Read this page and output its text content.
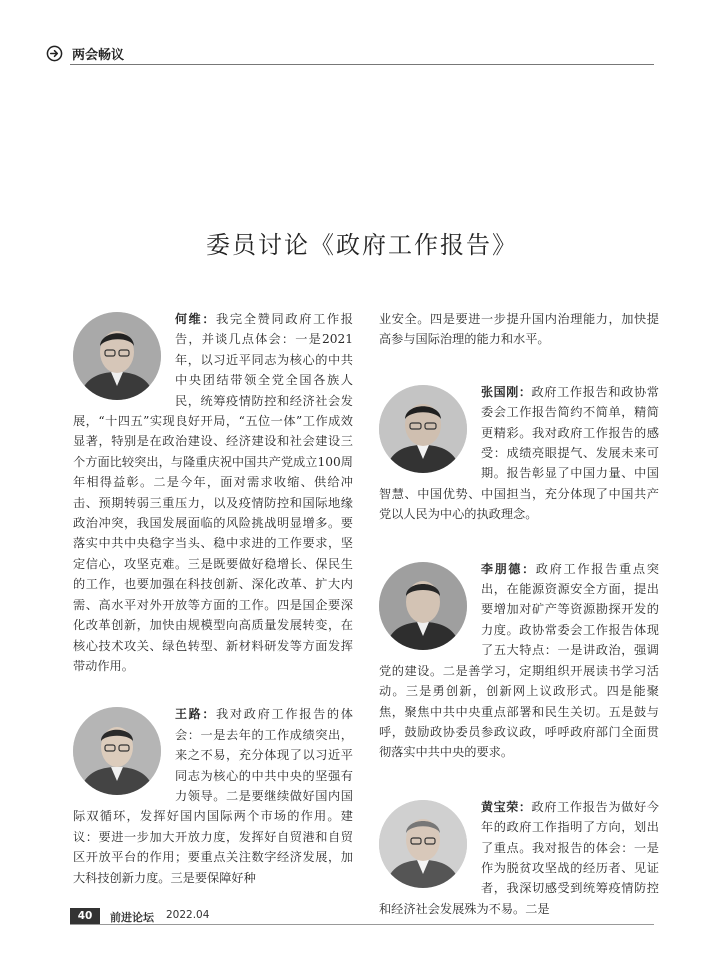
两会畅议
委员讨论《政府工作报告》

何维：我完全赞同政府工作报告，并谈几点体会：一是2021年，以习近平同志为核心的中共中央团结带领全党全国各族人民，统筹疫情防控和经济社会发展，“十四五”实现良好开局，“五位一体”工作成效显著，特别是在政治建设、经济建设和社会建设三个方面比较突出，与隆重庆祝中国共产党成立100周年相得益彰。二是今年，面对需求收缩、供给冲击、预期转弱三重压力，以及疫情防控和国际地缘政治冲突，我国发展面临的风险挑战明显增多。要落实中共中央稳字当头、稳中求进的工作要求，坚定信心，攻坚克难。三是既要做好稳增长、保民生的工作，也要加强在科技创新、深化改革、扩大内需、高水平对外开放等方面的工作。四是国企要深化改革创新，加快由规模型向高质量发展转变，在核心技术攻关、绿色转型、新材料研发等方面发挥带动作用。

王路：我对政府工作报告的体会：一是去年的工作成绩突出，来之不易，充分体现了以习近平同志为核心的中共中央的坚强有力领导。二是要继续做好国内国际双循环，发挥好国内国际两个市场的作用。建议：要进一步加大开放力度，发挥好自贸港和自贸区开放平台的作用；要重点关注数字经济发展，加大科技创新力度。三是要保障好种

业安全。四是要进一步提升国内治理能力，加快提高参与国际治理的能力和水平。

张国刚：政府工作报告和政协常委会工作报告简约不简单，精简更精彩。我对政府工作报告的感受：成绩亮眼提气、发展未来可期。报告彰显了中国力量、中国智慧、中国优势、中国担当，充分体现了中国共产党以人民为中心的执政理念。

李朋德：政府工作报告重点突出，在能源资源安全方面，提出要增加对矿产等资源勘探开发的力度。政协常委会工作报告体现了五大特点：一是讲政治，强调党的建设。二是善学习，定期组织开展读书学习活动。三是勇创新，创新网上议政形式。四是能聚焦，聚焦中共中央重点部署和民生关切。五是鼓与呼，鼓励政协委员参政议政，呼呼政府部门全面贯彻落实中共中央的要求。

黄宝荣：政府工作报告为做好今年的政府工作指明了方向，划出了重点。我对报告的体会：一是作为脱贫攻坚战的经历者、见证者，我深切感受到统筹疫情防控和经济社会发展殊为不易。二是

40	前进论坛 2022.04
